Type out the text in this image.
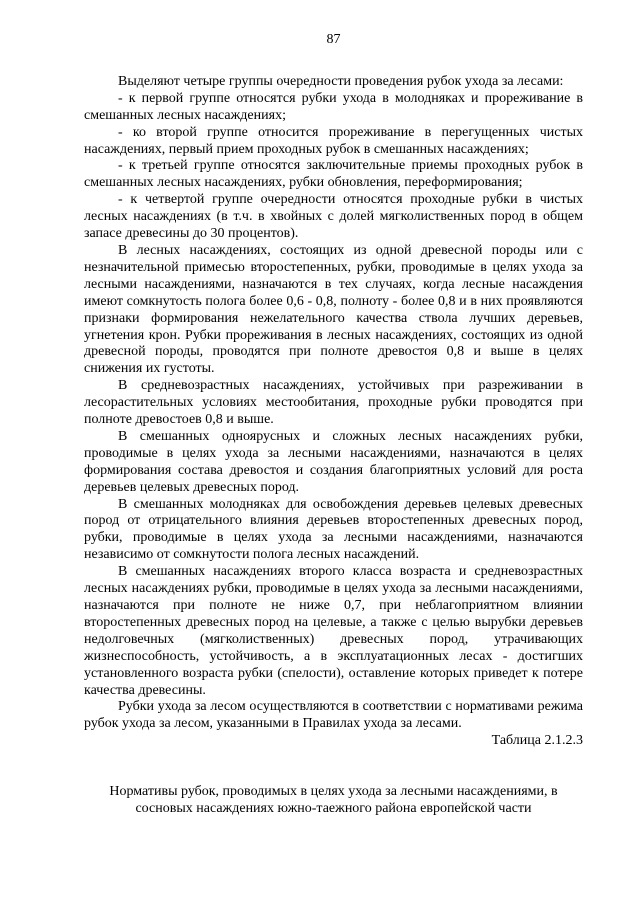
87

Выделяют четыре группы очередности проведения рубок ухода за лесами:

- к первой группе относятся рубки ухода в молодняках и прореживание в смешанных лесных насаждениях;

- ко второй группе относится прореживание в перегущенных чистых насаждениях, первый прием проходных рубок в смешанных насаждениях;

- к третьей группе относятся заключительные приемы проходных рубок в смешанных лесных насаждениях, рубки обновления, переформирования;

- к четвертой группе очередности относятся проходные рубки в чистых лесных насаждениях (в т.ч. в хвойных с долей мягколиственных пород в общем запасе древесины до 30 процентов).

В лесных насаждениях, состоящих из одной древесной породы или с незначительной примесью второстепенных, рубки, проводимые в целях ухода за лесными насаждениями, назначаются в тех случаях, когда лесные насаждения имеют сомкнутость полога более 0,6 - 0,8, полноту - более 0,8 и в них проявляются признаки формирования нежелательного качества ствола лучших деревьев, угнетения крон. Рубки прореживания в лесных насаждениях, состоящих из одной древесной породы, проводятся при полноте древостоя 0,8 и выше в целях снижения их густоты.

В средневозрастных насаждениях, устойчивых при разреживании в лесорастительных условиях местообитания, проходные рубки проводятся при полноте древостоев 0,8 и выше.

В смешанных одноярусных и сложных лесных насаждениях рубки, проводимые в целях ухода за лесными насаждениями, назначаются в целях формирования состава древостоя и создания благоприятных условий для роста деревьев целевых древесных пород.

В смешанных молодняках для освобождения деревьев целевых древесных пород от отрицательного влияния деревьев второстепенных древесных пород, рубки, проводимые в целях ухода за лесными насаждениями, назначаются независимо от сомкнутости полога лесных насаждений.

В смешанных насаждениях второго класса возраста и средневозрастных лесных насаждениях рубки, проводимые в целях ухода за лесными насаждениями, назначаются при полноте не ниже 0,7, при неблагоприятном влиянии второстепенных древесных пород на целевые, а также с целью вырубки деревьев недолговечных (мягколиственных) древесных пород, утрачивающих жизнеспособность, устойчивость, а в эксплуатационных лесах - достигших установленного возраста рубки (спелости), оставление которых приведет к потере качества древесины.

Рубки ухода за лесом осуществляются в соответствии с нормативами режима рубок ухода за лесом, указанными в Правилах ухода за лесами.

Таблица 2.1.2.3
Нормативы рубок, проводимых в целях ухода за лесными насаждениями, в сосновых насаждениях южно-таежного района европейской части
